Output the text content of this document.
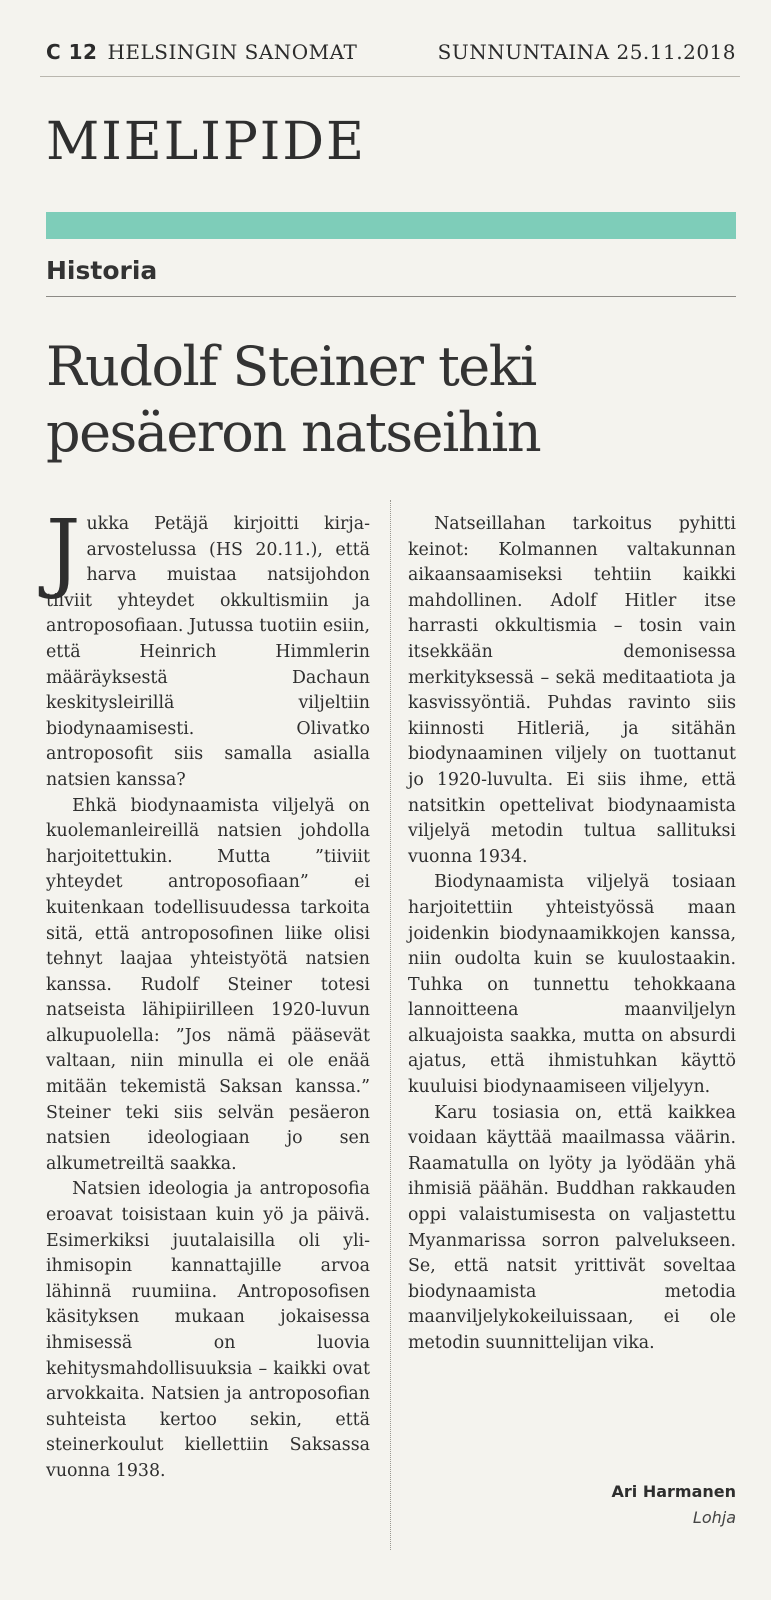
C 12 HELSINGIN SANOMAT	SUNNUNTAINA 25.11.2018
MIELIPIDE
Historia
Rudolf Steiner teki pesäeron natseihin

Jukka Petäjä kirjoitti kirja-arvostelussa (HS 20.11.), että harva muistaa natsijohdon tiiviit yhteydet okkultismiin ja antroposofiaan. Jutussa tuotiin esiin, että Heinrich Himmlerin määräyksestä Dachaun keskitysleirillä viljeltiin biodynaamisesti. Olivatko antroposofit siis samalla asialla natsien kanssa?

Ehkä biodynaamista viljelyä on kuolemanleireillä natsien johdolla harjoitettukin. Mutta ”tiiviit yhteydet antroposofiaan” ei kuitenkaan todellisuudessa tarkoita sitä, että antroposofinen liike olisi tehnyt laajaa yhteistyötä natsien kanssa. Rudolf Steiner totesi natseista lähipiirilleen 1920-luvun alkupuolella: ”Jos nämä pääsevät valtaan, niin minulla ei ole enää mitään tekemistä Saksan kanssa.” Steiner teki siis selvän pesäeron natsien ideologiaan jo sen alkumetreiltä saakka.

Natsien ideologia ja antroposofia eroavat toisistaan kuin yö ja päivä. Esimerkiksi juutalaisilla oli yli-ihmisopin kannattajille arvoa lähinnä ruumiina. Antroposofisen käsityksen mukaan jokaisessa ihmisessä on luovia kehitysmahdollisuuksia – kaikki ovat arvokkaita. Natsien ja antroposofian suhteista kertoo sekin, että steinerkoulut kiellettiin Saksassa vuonna 1938.

Natseillahan tarkoitus pyhitti keinot: Kolmannen valtakunnan aikaansaamiseksi tehtiin kaikki mahdollinen. Adolf Hitler itse harrasti okkultismia – tosin vain itsekkään demonisessa merkityksessä – sekä meditaatiota ja kasvissyöntiä. Puhdas ravinto siis kiinnosti Hitleriä, ja sitähän biodynaaminen viljely on tuottanut jo 1920-luvulta. Ei siis ihme, että natsitkin opettelivat biodynaamista viljelyä metodin tultua sallituksi vuonna 1934.

Biodynaamista viljelyä tosiaan harjoitettiin yhteistyössä maan joidenkin biodynaamikkojen kanssa, niin oudolta kuin se kuulostaakin. Tuhka on tunnettu tehokkaana lannoitteena maanviljelyn alkuajoista saakka, mutta on absurdi ajatus, että ihmistuhkan käyttö kuuluisi biodynaamiseen viljelyyn.

Karu tosiasia on, että kaikkea voidaan käyttää maailmassa väärin. Raamatulla on lyöty ja lyödään yhä ihmisiä päähän. Buddhan rakkauden oppi valaistumisesta on valjastettu Myanmarissa sorron palvelukseen. Se, että natsit yrittivät soveltaa biodynaamista metodia maanviljelykokeiluissaan, ei ole metodin suunnittelijan vika.

Ari Harmanen
Lohja
